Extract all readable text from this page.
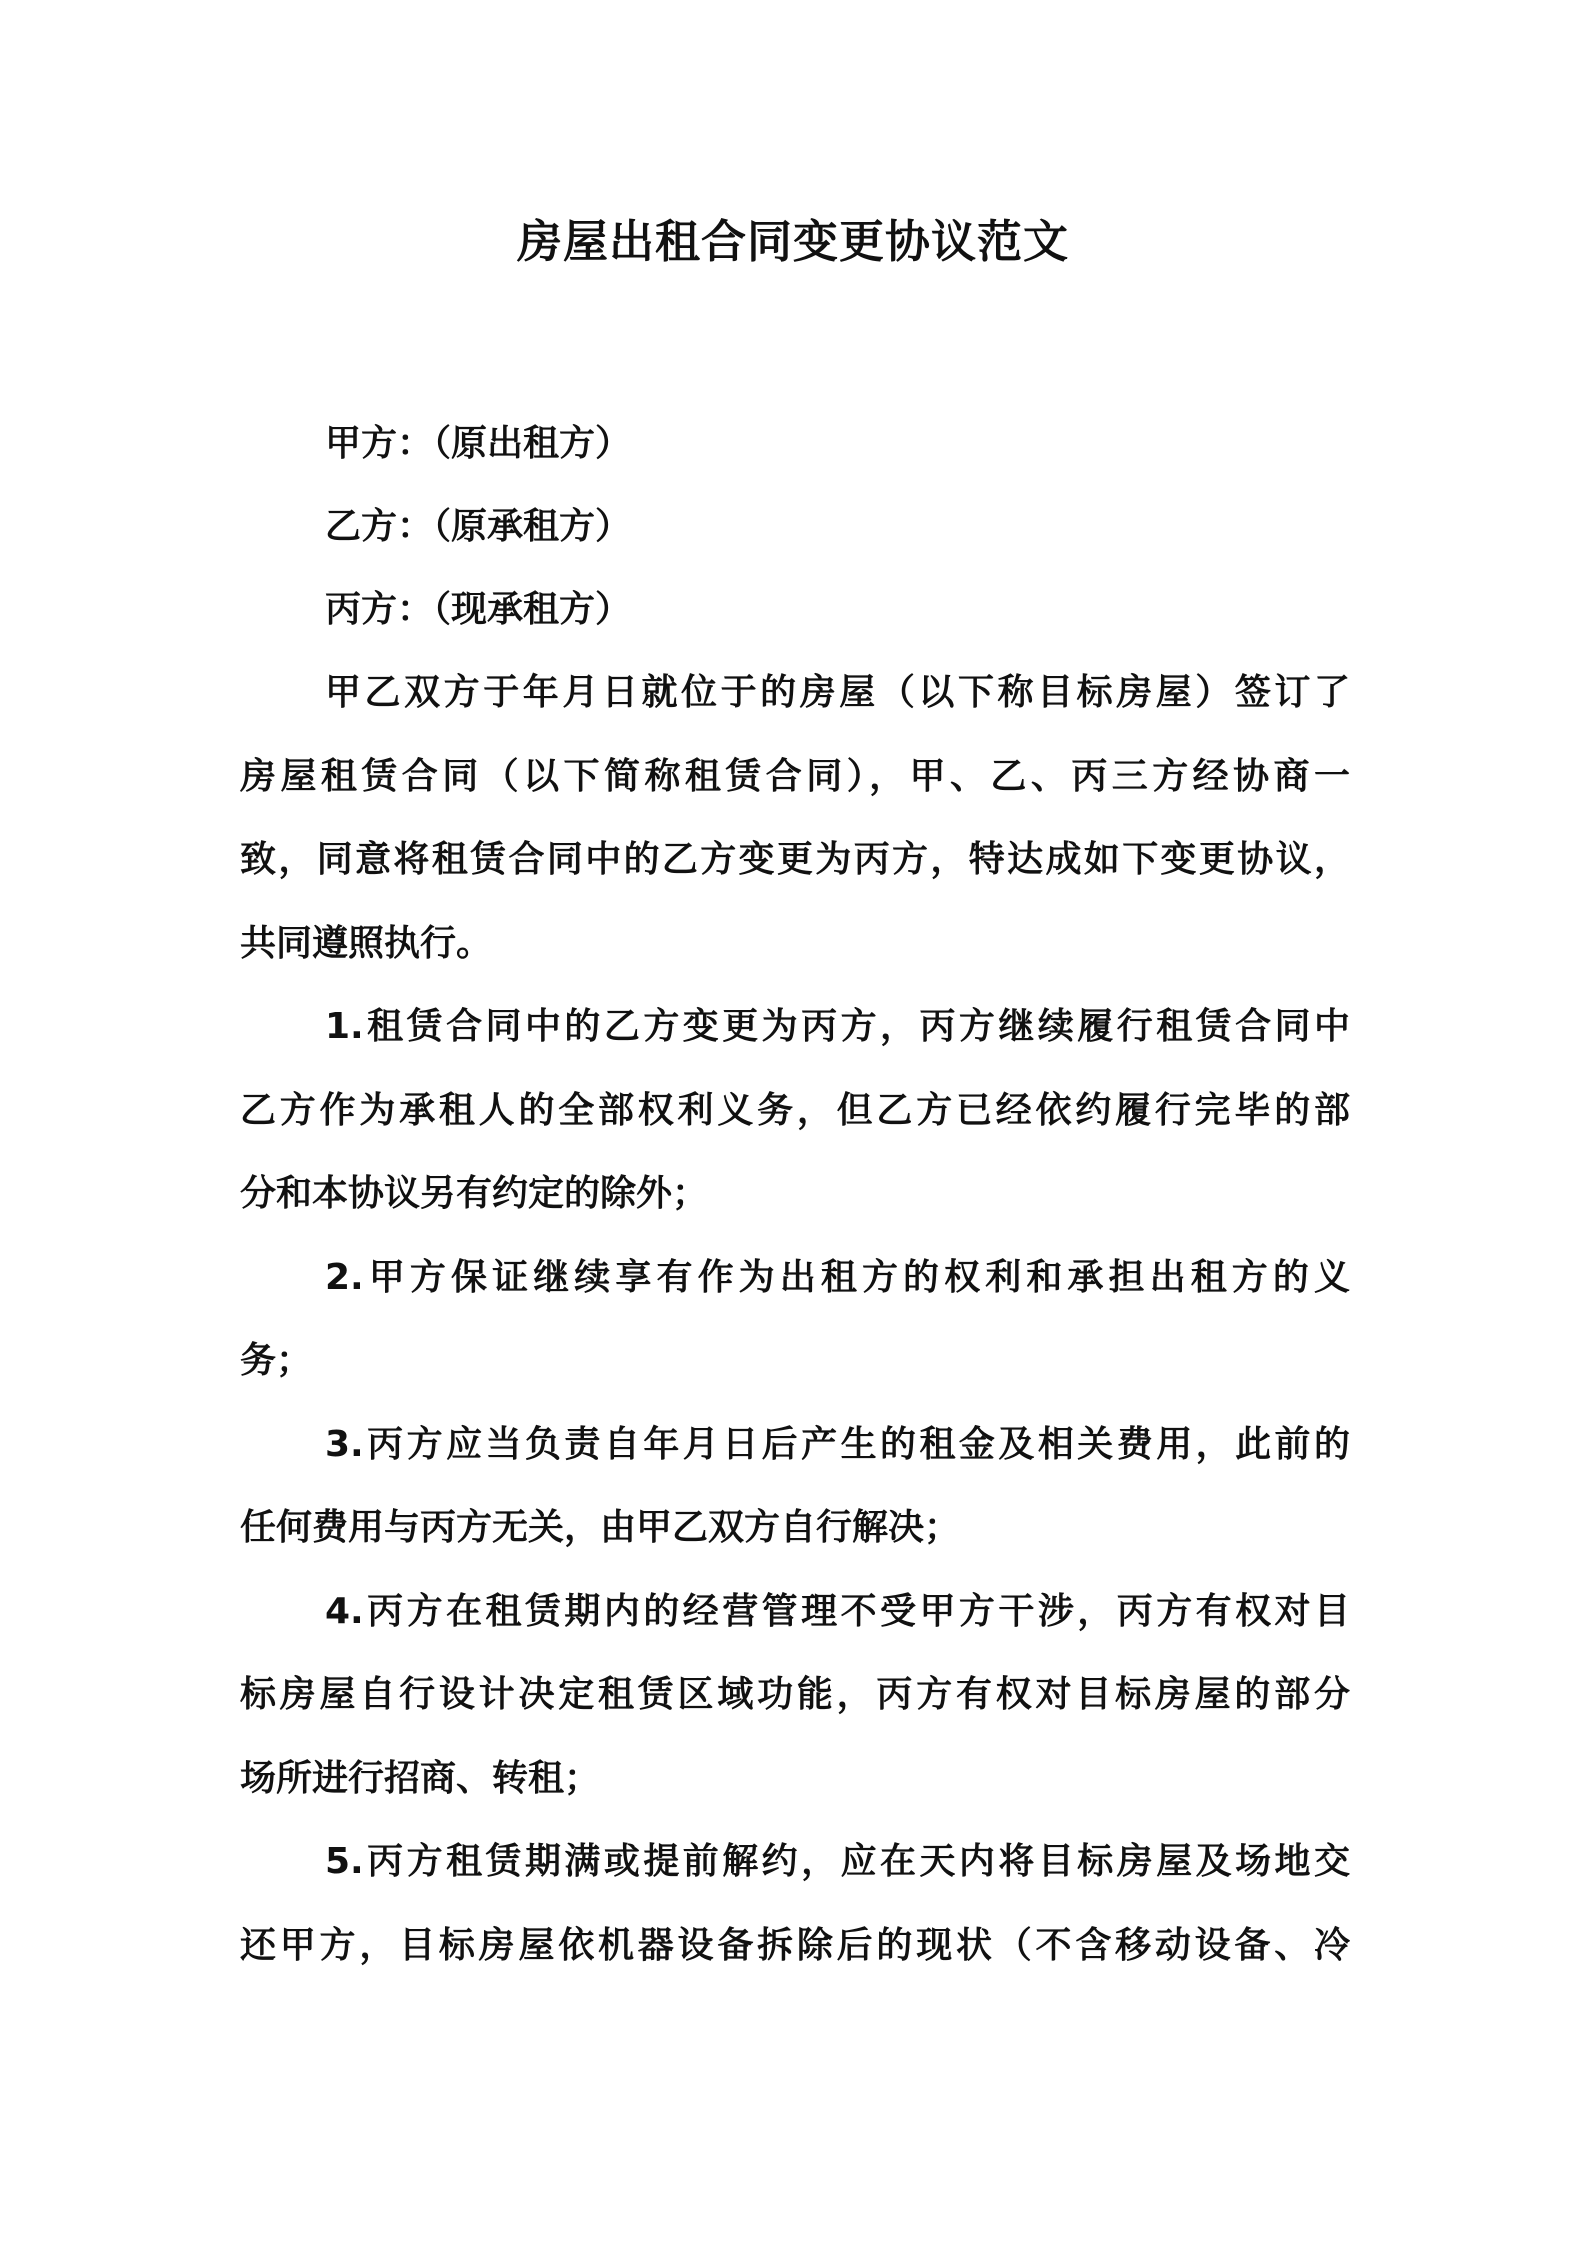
房屋出租合同变更协议范文
甲方：（原出租方）
乙方：（原承租方）
丙方：（现承租方）
甲乙双方于年月日就位于的房屋（以下称目标房屋）签订了
房屋租赁合同（以下简称租赁合同），甲、乙、丙三方经协商一
致，同意将租赁合同中的乙方变更为丙方，特达成如下变更协议，
共同遵照执行。
1.租赁合同中的乙方变更为丙方，丙方继续履行租赁合同中
乙方作为承租人的全部权利义务，但乙方已经依约履行完毕的部
分和本协议另有约定的除外；
2.甲方保证继续享有作为出租方的权利和承担出租方的义
务；
3.丙方应当负责自年月日后产生的租金及相关费用，此前的
任何费用与丙方无关，由甲乙双方自行解决；
4.丙方在租赁期内的经营管理不受甲方干涉，丙方有权对目
标房屋自行设计决定租赁区域功能，丙方有权对目标房屋的部分
场所进行招商、转租；
5.丙方租赁期满或提前解约，应在天内将目标房屋及场地交
还甲方，目标房屋依机器设备拆除后的现状（不含移动设备、冷
